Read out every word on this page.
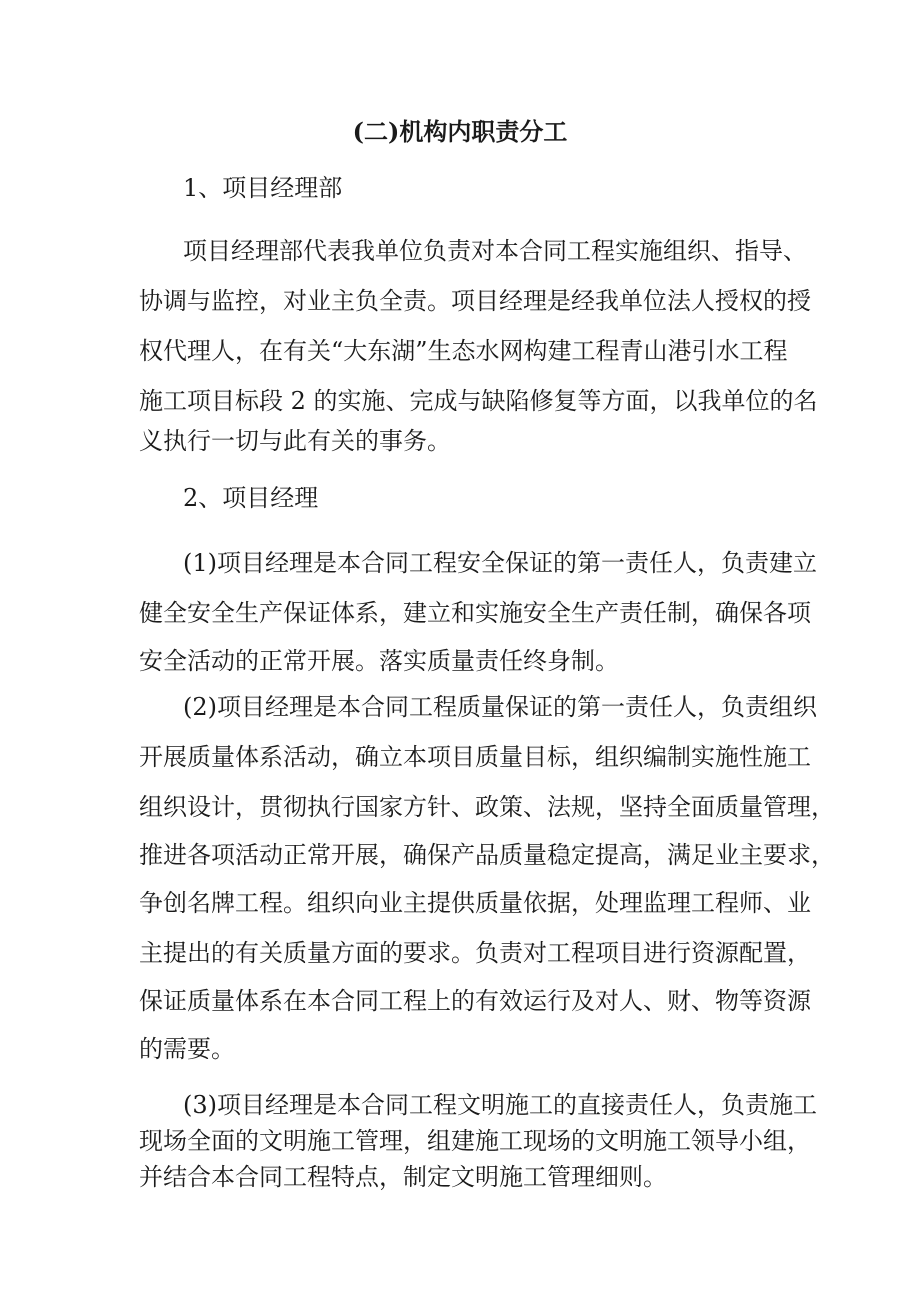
(二)机构内职责分工

1、项目经理部

项目经理部代表我单位负责对本合同工程实施组织、指导、

协调与监控，对业主负全责。项目经理是经我单位法人授权的授

权代理人，在有关“大东湖”生态水网构建工程青山港引水工程

施工项目标段 2 的实施、完成与缺陷修复等方面，以我单位的名

义执行一切与此有关的事务。

2、项目经理

(1)项目经理是本合同工程安全保证的第一责任人，负责建立

健全安全生产保证体系，建立和实施安全生产责任制，确保各项

安全活动的正常开展。落实质量责任终身制。

(2)项目经理是本合同工程质量保证的第一责任人，负责组织

开展质量体系活动，确立本项目质量目标，组织编制实施性施工

组织设计，贯彻执行国家方针、政策、法规，坚持全面质量管理，

推进各项活动正常开展，确保产品质量稳定提高，满足业主要求，

争创名牌工程。组织向业主提供质量依据，处理监理工程师、业

主提出的有关质量方面的要求。负责对工程项目进行资源配置，

保证质量体系在本合同工程上的有效运行及对人、财、物等资源

的需要。

(3)项目经理是本合同工程文明施工的直接责任人，负责施工

现场全面的文明施工管理，组建施工现场的文明施工领导小组，

并结合本合同工程特点，制定文明施工管理细则。
